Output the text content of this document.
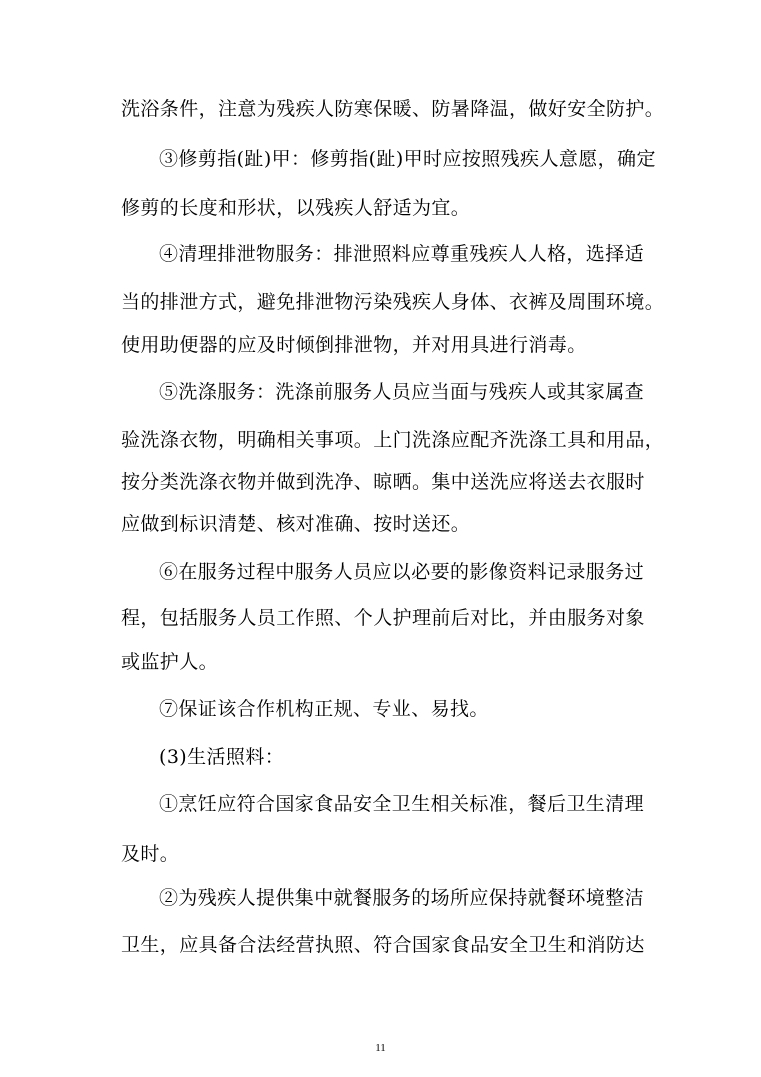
洗浴条件，注意为残疾人防寒保暖、防暑降温，做好安全防护。
③修剪指(趾)甲：修剪指(趾)甲时应按照残疾人意愿，确定
修剪的长度和形状，以残疾人舒适为宜。
④清理排泄物服务：排泄照料应尊重残疾人人格，选择适
当的排泄方式，避免排泄物污染残疾人身体、衣裤及周围环境。
使用助便器的应及时倾倒排泄物，并对用具进行消毒。
⑤洗涤服务：洗涤前服务人员应当面与残疾人或其家属查
验洗涤衣物，明确相关事项。上门洗涤应配齐洗涤工具和用品，
按分类洗涤衣物并做到洗净、晾晒。集中送洗应将送去衣服时
应做到标识清楚、核对准确、按时送还。
⑥在服务过程中服务人员应以必要的影像资料记录服务过
程，包括服务人员工作照、个人护理前后对比，并由服务对象
或监护人。
⑦保证该合作机构正规、专业、易找。
(3)生活照料：
①烹饪应符合国家食品安全卫生相关标准，餐后卫生清理
及时。
②为残疾人提供集中就餐服务的场所应保持就餐环境整洁
卫生，应具备合法经营执照、符合国家食品安全卫生和消防达
11
